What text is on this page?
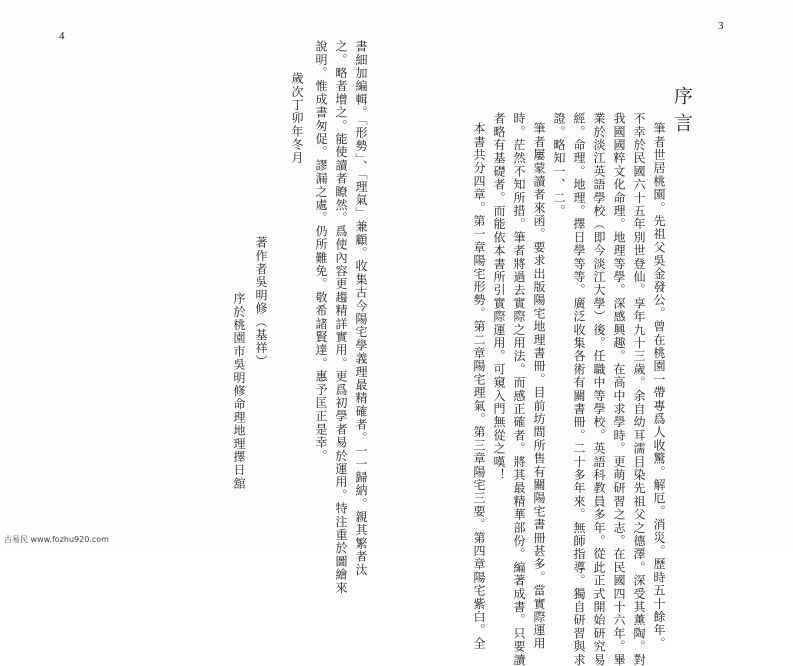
4
3
序言
筆者世居桃園。先祖父吳金發公。曾在桃園一帶專爲人收驚。解厄。消災。歷時五十餘年。
不幸於民國六十五年別世登仙。享年九十三歲。余自幼耳濡目染先祖父之德澤。深受其薰陶。對
我國國粹文化命理。地理等學。深感興趣。在高中求學時。更萌研習之志。在民國四十六年。畢
業於淡江英語學校（即今淡江大學）後。任職中等學校。英語科教員多年。從此正式開始研究易
經。命理。地理。擇日學等等。廣泛收集各術有關書冊。二十多年來。無師指導。獨自研習與求
證。略知一、二。
筆者屢蒙讀者來函。要求出版陽宅地理書冊。目前坊間所售有關陽宅書冊甚多。當實際運用
時。茫然不知所措。筆者將過去實際之用法。而感正確者。將其最精華部份。編著成書。只要讀
者略有基礎者。而能依本書所引實際運用。可窺入門無從之嘆！
本書共分四章。第一章陽宅形勢。第二章陽宅理氣。第三章陽宅三要。第四章陽宅紫白。全
書細加編輯。「形勢」、「理氣」兼顧。收集古今陽宅學義理最精確者。一一歸納。親其繁者汰
之。略者增之。能使讀者瞭然。爲使內容更趨精詳實用。更爲初學者易於運用。特注重於圖繪來
說明。惟成書匆促。謬漏之處。仍所難免。敬希諸賢達。惠予匡正是幸。
歲次丁卯年冬月
著作者吳明修（基祥）
序於桃園市吳明修命理地理擇日舘
古易民 www.fozhu920.com
